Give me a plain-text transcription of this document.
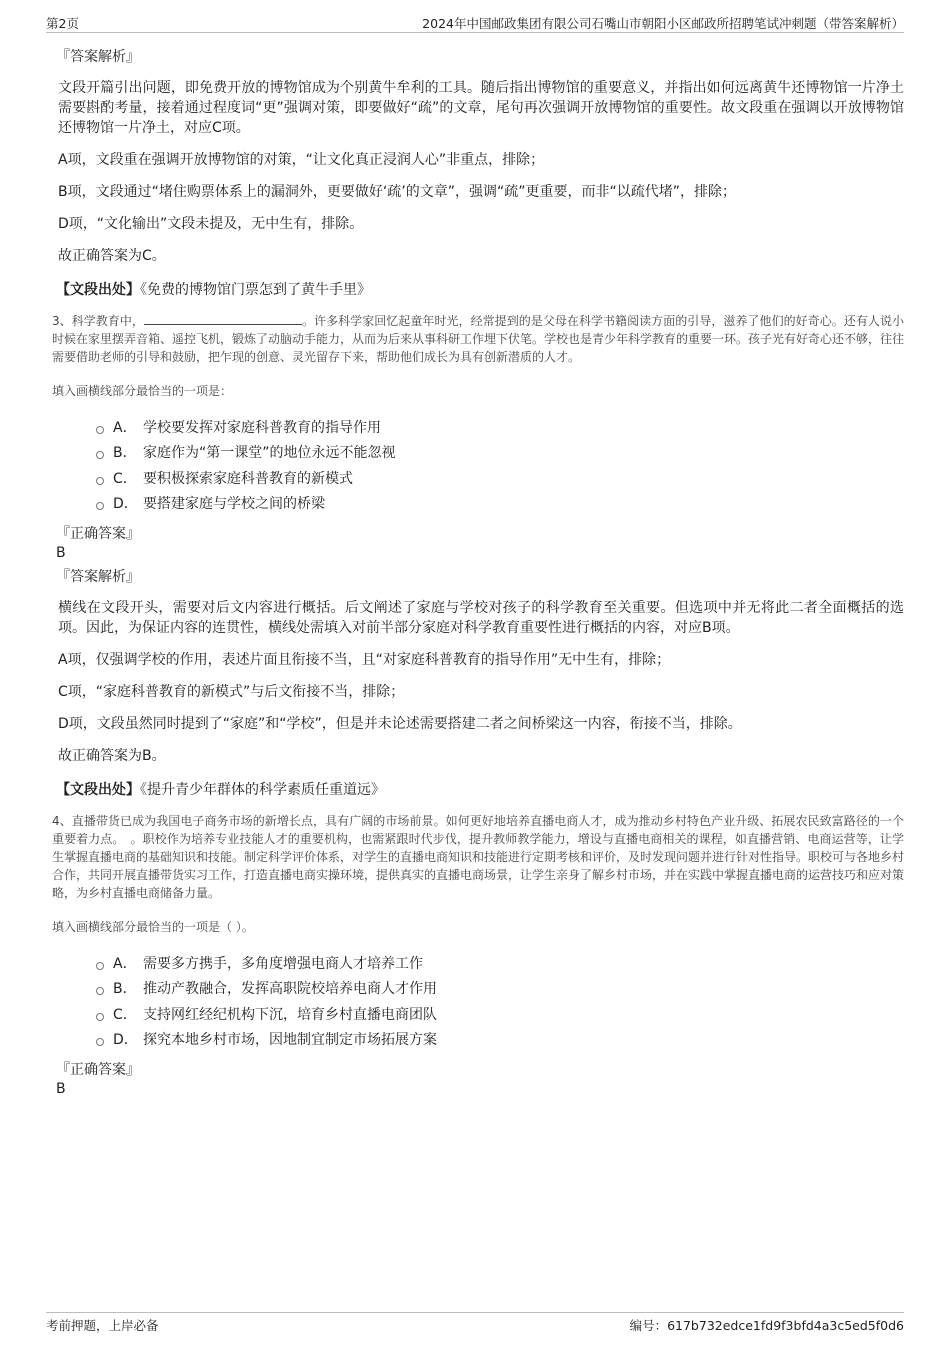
第2页	2024年中国邮政集团有限公司石嘴山市朝阳小区邮政所招聘笔试冲刺题（带答案解析）
『答案解析』
文段开篇引出问题，即免费开放的博物馆成为个别黄牛牟利的工具。随后指出博物馆的重要意义，并指出如何远离黄牛还博物馆一片净土需要斟酌考量，接着通过程度词“更”强调对策，即要做好“疏”的文章，尾句再次强调开放博物馆的重要性。故文段重在强调以开放博物馆还博物馆一片净土，对应C项。
A项，文段重在强调开放博物馆的对策，“让文化真正浸润人心”非重点，排除；
B项，文段通过“堵住购票体系上的漏洞外，更要做好‘疏’的文章”，强调“疏”更重要，而非“以疏代堵”，排除；
D项，“文化输出”文段未提及，无中生有，排除。
故正确答案为C。
【文段出处】《免费的博物馆门票怎到了黄牛手里》
3、科学教育中，	。许多科学家回忆起童年时光，经常提到的是父母在科学书籍阅读方面的引导，滋养了他们的好奇心。还有人说小时候在家里摆弄音箱、遥控飞机，锻炼了动脑动手能力，从而为后来从事科研工作埋下伏笔。学校也是青少年科学教育的重要一环。孩子光有好奇心还不够，往往需要借助老师的引导和鼓励，把乍现的创意、灵光留存下来，帮助他们成长为具有创新潜质的人才。
填入画横线部分最恰当的一项是：
A． 学校要发挥对家庭科普教育的指导作用
B． 家庭作为“第一课堂”的地位永远不能忽视
C． 要积极探索家庭科普教育的新模式
D． 要搭建家庭与学校之间的桥梁
『正确答案』
B
『答案解析』
横线在文段开头，需要对后文内容进行概括。后文阐述了家庭与学校对孩子的科学教育至关重要。但选项中并无将此二者全面概括的选项。因此，为保证内容的连贯性，横线处需填入对前半部分家庭对科学教育重要性进行概括的内容，对应B项。
A项，仅强调学校的作用，表述片面且衔接不当，且“对家庭科普教育的指导作用”无中生有，排除；
C项，“家庭科普教育的新模式”与后文衔接不当，排除；
D项，文段虽然同时提到了“家庭”和“学校”，但是并未论述需要搭建二者之间桥梁这一内容，衔接不当，排除。
故正确答案为B。
【文段出处】《提升青少年群体的科学素质任重道远》
4、直播带货已成为我国电子商务市场的新增长点，具有广阔的市场前景。如何更好地培养直播电商人才，成为推动乡村特色产业升级、拓展农民致富路径的一个重要着力点。　。职校作为培养专业技能人才的重要机构，也需紧跟时代步伐，提升教师教学能力，增设与直播电商相关的课程，如直播营销、电商运营等，让学生掌握直播电商的基础知识和技能。制定科学评价体系，对学生的直播电商知识和技能进行定期考核和评价，及时发现问题并进行针对性指导。职校可与各地乡村合作，共同开展直播带货实习工作，打造直播电商实操环境，提供真实的直播电商场景，让学生亲身了解乡村市场，并在实践中掌握直播电商的运营技巧和应对策略，为乡村直播电商储备力量。
填入画横线部分最恰当的一项是（ ）。
A． 需要多方携手，多角度增强电商人才培养工作
B． 推动产教融合，发挥高职院校培养电商人才作用
C． 支持网红经纪机构下沉，培育乡村直播电商团队
D． 探究本地乡村市场，因地制宜制定市场拓展方案
『正确答案』
B
考前押题，上岸必备	编号：617b732edce1fd9f3bfd4a3c5ed5f0d6
